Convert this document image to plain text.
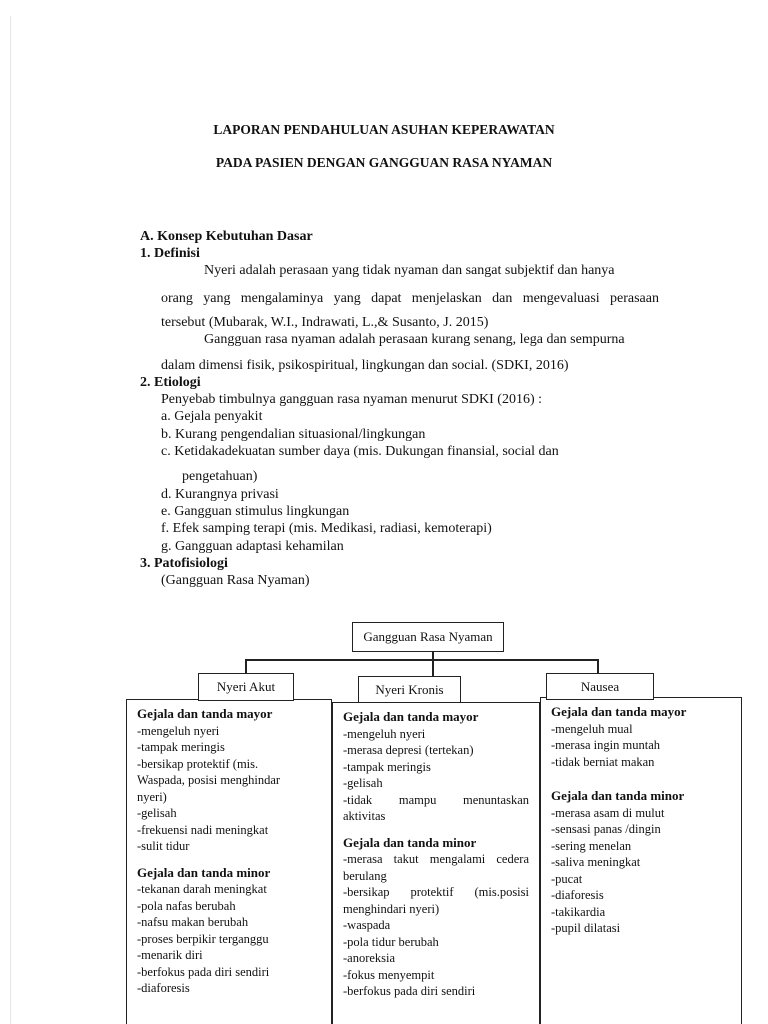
LAPORAN PENDAHULUAN ASUHAN KEPERAWATAN
PADA PASIEN DENGAN GANGGUAN RASA NYAMAN
A. Konsep Kebutuhan Dasar
1. Definisi
Nyeri adalah perasaan yang tidak nyaman dan sangat subjektif dan hanya
orang yang mengalaminya yang dapat menjelaskan dan mengevaluasi perasaan
tersebut (Mubarak, W.I., Indrawati, L.,& Susanto, J. 2015)
Gangguan rasa nyaman adalah perasaan kurang senang, lega dan sempurna
dalam dimensi fisik, psikospiritual, lingkungan dan social. (SDKI, 2016)
2. Etiologi
Penyebab timbulnya gangguan rasa nyaman menurut SDKI (2016) :
a. Gejala penyakit
b. Kurang pengendalian situasional/lingkungan
c. Ketidakadekuatan sumber daya (mis. Dukungan finansial, social dan
pengetahuan)
d. Kurangnya privasi
e. Gangguan stimulus lingkungan
f. Efek samping terapi (mis. Medikasi, radiasi, kemoterapi)
g. Gangguan adaptasi kehamilan
3. Patofisiologi
(Gangguan Rasa Nyaman)
Gangguan Rasa Nyaman
Gejala dan tanda mayor
-mengeluh nyeri
-tampak meringis
-bersikap protektif (mis.
Waspada, posisi menghindar
nyeri)
-gelisah
-frekuensi nadi meningkat
-sulit tidur
Gejala dan tanda minor
-tekanan darah meningkat
-pola nafas berubah
-nafsu makan berubah
-proses berpikir terganggu
-menarik diri
-berfokus pada diri sendiri
-diaforesis
Nyeri Akut
Gejala dan tanda mayor
-mengeluh nyeri
-merasa depresi (tertekan)
-tampak meringis
-gelisah
-tidak mampu menuntaskan
aktivitas
Gejala dan tanda minor
-merasa takut mengalami cedera
berulang
-bersikap protektif (mis.posisi
menghindari nyeri)
-waspada
-pola tidur berubah
-anoreksia
-fokus menyempit
-berfokus pada diri sendiri
Nyeri Kronis
Gejala dan tanda mayor
-mengeluh mual
-merasa ingin muntah
-tidak berniat makan
Gejala dan tanda minor
-merasa asam di mulut
-sensasi panas /dingin
-sering menelan
-saliva meningkat
-pucat
-diaforesis
-takikardia
-pupil dilatasi
Nausea
